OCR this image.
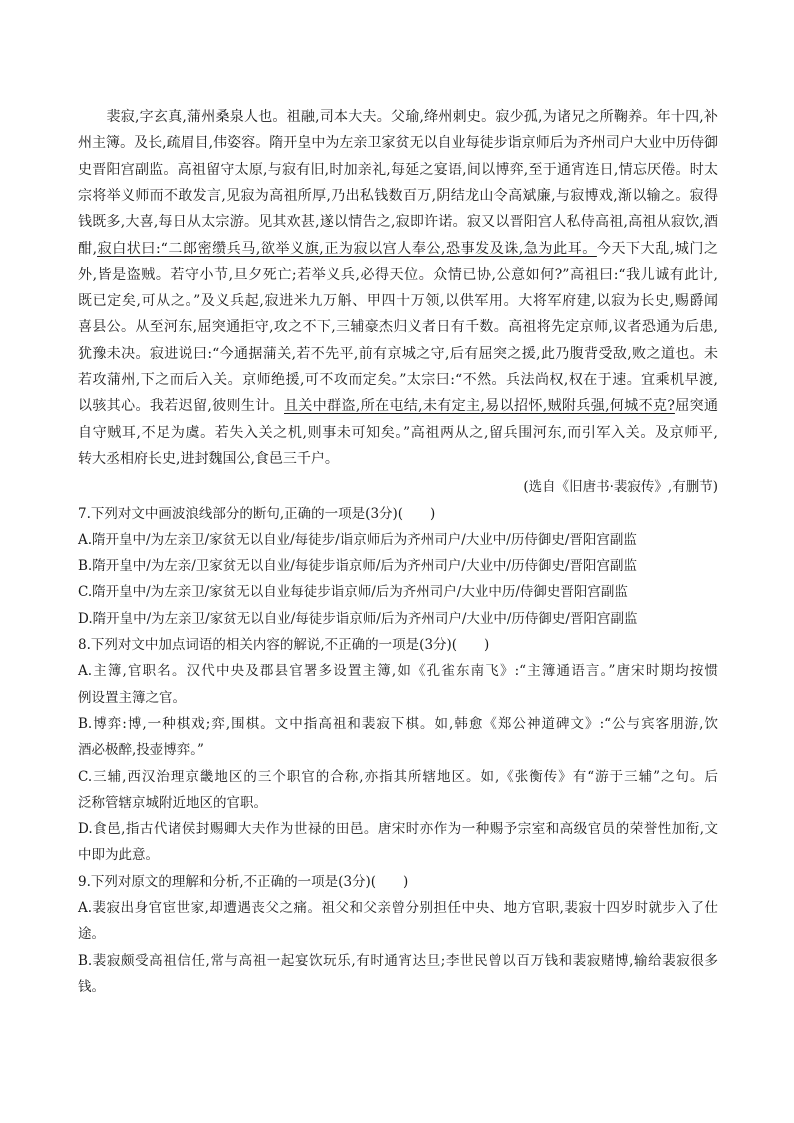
　　裴寂,字玄真,蒲州桑泉人也。祖融,司本大夫。父瑜,绛州刺史。寂少孤,为诸兄之所鞠养。年十四,补
州主簿。及长,疏眉目,伟姿容。隋开皇中为左亲卫家贫无以自业每徒步诣京师后为齐州司户大业中历侍御
史晋阳宫副监。高祖留守太原,与寂有旧,时加亲礼,每延之宴语,间以博弈,至于通宵连日,情忘厌倦。时太
宗将举义师而不敢发言,见寂为高祖所厚,乃出私钱数百万,阴结龙山令高斌廉,与寂博戏,渐以输之。寂得
钱既多,大喜,每日从太宗游。见其欢甚,遂以情告之,寂即许诺。寂又以晋阳宫人私侍高祖,高祖从寂饮,酒
酣,寂白状曰:“二郎密缵兵马,欲举义旗,正为寂以宫人奉公,恐事发及诛,急为此耳。今天下大乱,城门之
外,皆是盗贼。若守小节,旦夕死亡;若举义兵,必得天位。众情已协,公意如何?”高祖曰:“我儿诚有此计,
既已定矣,可从之。”及义兵起,寂进米九万斛、甲四十万领,以供军用。大将军府建,以寂为长史,赐爵闻
喜县公。从至河东,屈突通拒守,攻之不下,三辅豪杰归义者日有千数。高祖将先定京师,议者恐通为后患,
犹豫未决。寂进说曰:“今通据蒲关,若不先平,前有京城之守,后有屈突之援,此乃腹背受敌,败之道也。未
若攻蒲州,下之而后入关。京师绝援,可不攻而定矣。”太宗曰:“不然。兵法尚权,权在于速。宜乘机早渡,
以骇其心。我若迟留,彼则生计。且关中群盗,所在屯结,未有定主,易以招怀,贼附兵强,何城不克?屈突通
自守贼耳,不足为虞。若失入关之机,则事未可知矣。”高祖两从之,留兵围河东,而引军入关。及京师平,
转大丞相府长史,进封魏国公,食邑三千户。
(选自《旧唐书·裴寂传》,有删节)
7.下列对文中画波浪线部分的断句,正确的一项是(3分)(　　)
A.隋开皇中/为左亲卫/家贫无以自业/每徒步/诣京师后为齐州司户/大业中/历侍御史/晋阳宫副监
B.隋开皇中/为左亲/卫家贫无以自业/每徒步诣京师/后为齐州司户/大业中/历侍御史/晋阳宫副监
C.隋开皇中/为左亲卫/家贫无以自业每徒步诣京师/后为齐州司户/大业中历/侍御史晋阳宫副监
D.隋开皇中/为左亲卫/家贫无以自业/每徒步诣京师/后为齐州司户/大业中/历侍御史/晋阳宫副监
8.下列对文中加点词语的相关内容的解说,不正确的一项是(3分)(　　)
A.主簿,官职名。汉代中央及郡县官署多设置主簿,如《孔雀东南飞》:“主簿通语言。”唐宋时期均按惯
例设置主簿之官。
B.博弈:博,一种棋戏;弈,围棋。文中指高祖和裴寂下棋。如,韩愈《郑公神道碑文》:“公与宾客朋游,饮
酒必极醉,投壶博弈。”
C.三辅,西汉治理京畿地区的三个职官的合称,亦指其所辖地区。如,《张衡传》有“游于三辅”之句。后
泛称管辖京城附近地区的官职。
D.食邑,指古代诸侯封赐卿大夫作为世禄的田邑。唐宋时亦作为一种赐予宗室和高级官员的荣誉性加衔,文
中即为此意。
9.下列对原文的理解和分析,不正确的一项是(3分)(　　)
A.裴寂出身官宦世家,却遭遇丧父之痛。祖父和父亲曾分别担任中央、地方官职,裴寂十四岁时就步入了仕
途。
B.裴寂颇受高祖信任,常与高祖一起宴饮玩乐,有时通宵达旦;李世民曾以百万钱和裴寂赌博,输给裴寂很多
钱。
